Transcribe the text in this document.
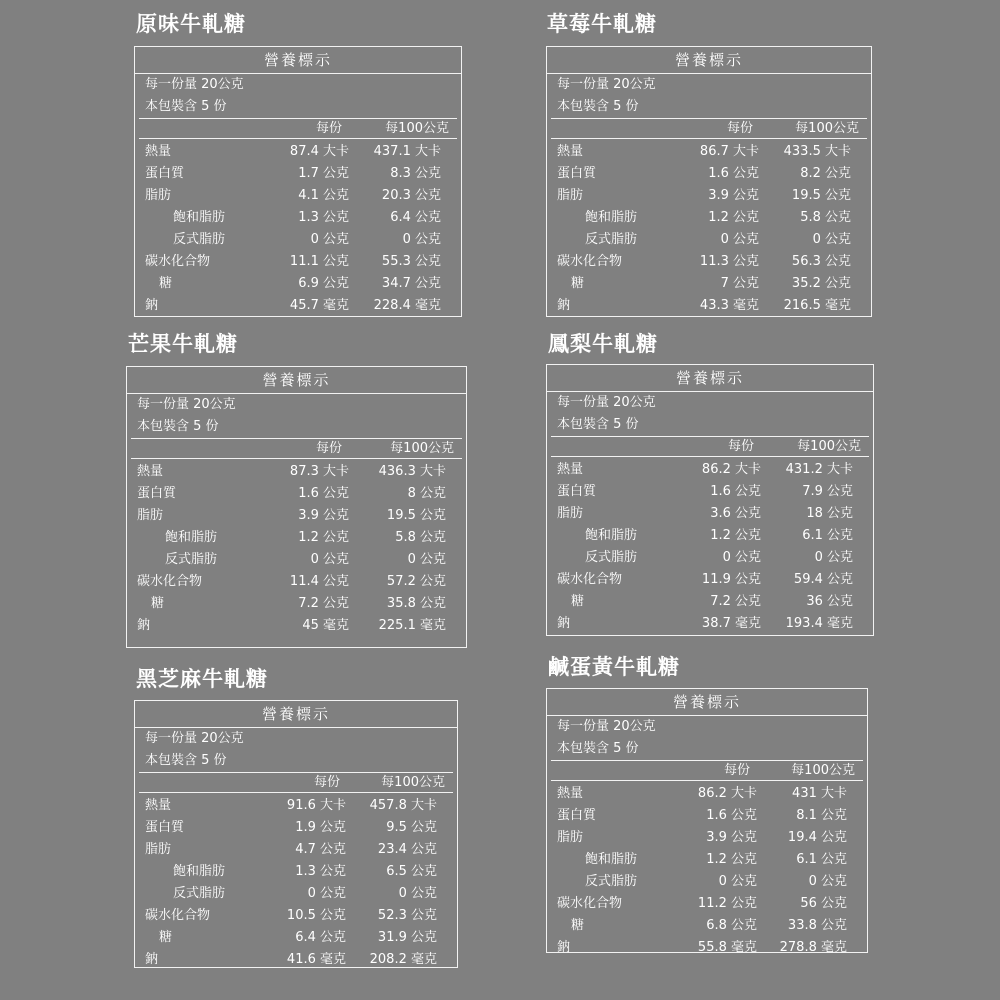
原味牛軋糖
營養標示
每一份量 20公克
本包裝含 5 份
每份	每100公克
熱量	87.4 大卡 437.1 大卡
蛋白質	1.7 公克	8.3 公克
脂肪	4.1 公克	20.3 公克
飽和脂肪	1.3 公克	6.4 公克
反式脂肪	0 公克	0 公克
碳水化合物	11.1 公克	55.3 公克
糖	6.9 公克	34.7 公克
鈉	45.7 毫克 228.4 毫克
草莓牛軋糖
營養標示
每一份量 20公克
本包裝含 5 份
每份	每100公克
熱量	86.7 大卡 433.5 大卡
蛋白質	1.6 公克	8.2 公克
脂肪	3.9 公克	19.5 公克
飽和脂肪	1.2 公克	5.8 公克
反式脂肪	0 公克	0 公克
碳水化合物	11.3 公克	56.3 公克
糖	7 公克	35.2 公克
鈉	43.3 毫克 216.5 毫克
芒果牛軋糖
營養標示
每一份量 20公克
本包裝含 5 份
每份	每100公克
熱量	87.3 大卡 436.3 大卡
蛋白質	1.6 公克	8 公克
脂肪	3.9 公克	19.5 公克
飽和脂肪	1.2 公克	5.8 公克
反式脂肪	0 公克	0 公克
碳水化合物	11.4 公克	57.2 公克
糖	7.2 公克	35.8 公克
鈉	45 毫克 225.1 毫克
鳳梨牛軋糖
營養標示
每一份量 20公克
本包裝含 5 份
每份	每100公克
熱量	86.2 大卡 431.2 大卡
蛋白質	1.6 公克	7.9 公克
脂肪	3.6 公克	18 公克
飽和脂肪	1.2 公克	6.1 公克
反式脂肪	0 公克	0 公克
碳水化合物	11.9 公克	59.4 公克
糖	7.2 公克	36 公克
鈉	38.7 毫克 193.4 毫克
黑芝麻牛軋糖
營養標示
每一份量 20公克
本包裝含 5 份
每份	每100公克
熱量	91.6 大卡 457.8 大卡
蛋白質	1.9 公克	9.5 公克
脂肪	4.7 公克 23.4 公克
飽和脂肪	1.3 公克	6.5 公克
反式脂肪	0 公克	0 公克
碳水化合物	10.5 公克 52.3 公克
糖	6.4 公克 31.9 公克
鈉	41.6 毫克 208.2 毫克
鹹蛋黃牛軋糖
營養標示
每一份量 20公克
本包裝含 5 份
每份	每100公克
熱量	86.2 大卡	431 大卡
蛋白質	1.6 公克	8.1 公克
脂肪	3.9 公克 19.4 公克
飽和脂肪	1.2 公克	6.1 公克
反式脂肪	0 公克	0 公克
碳水化合物	11.2 公克	56 公克
糖	6.8 公克 33.8 公克
鈉	55.8 毫克 278.8 毫克
